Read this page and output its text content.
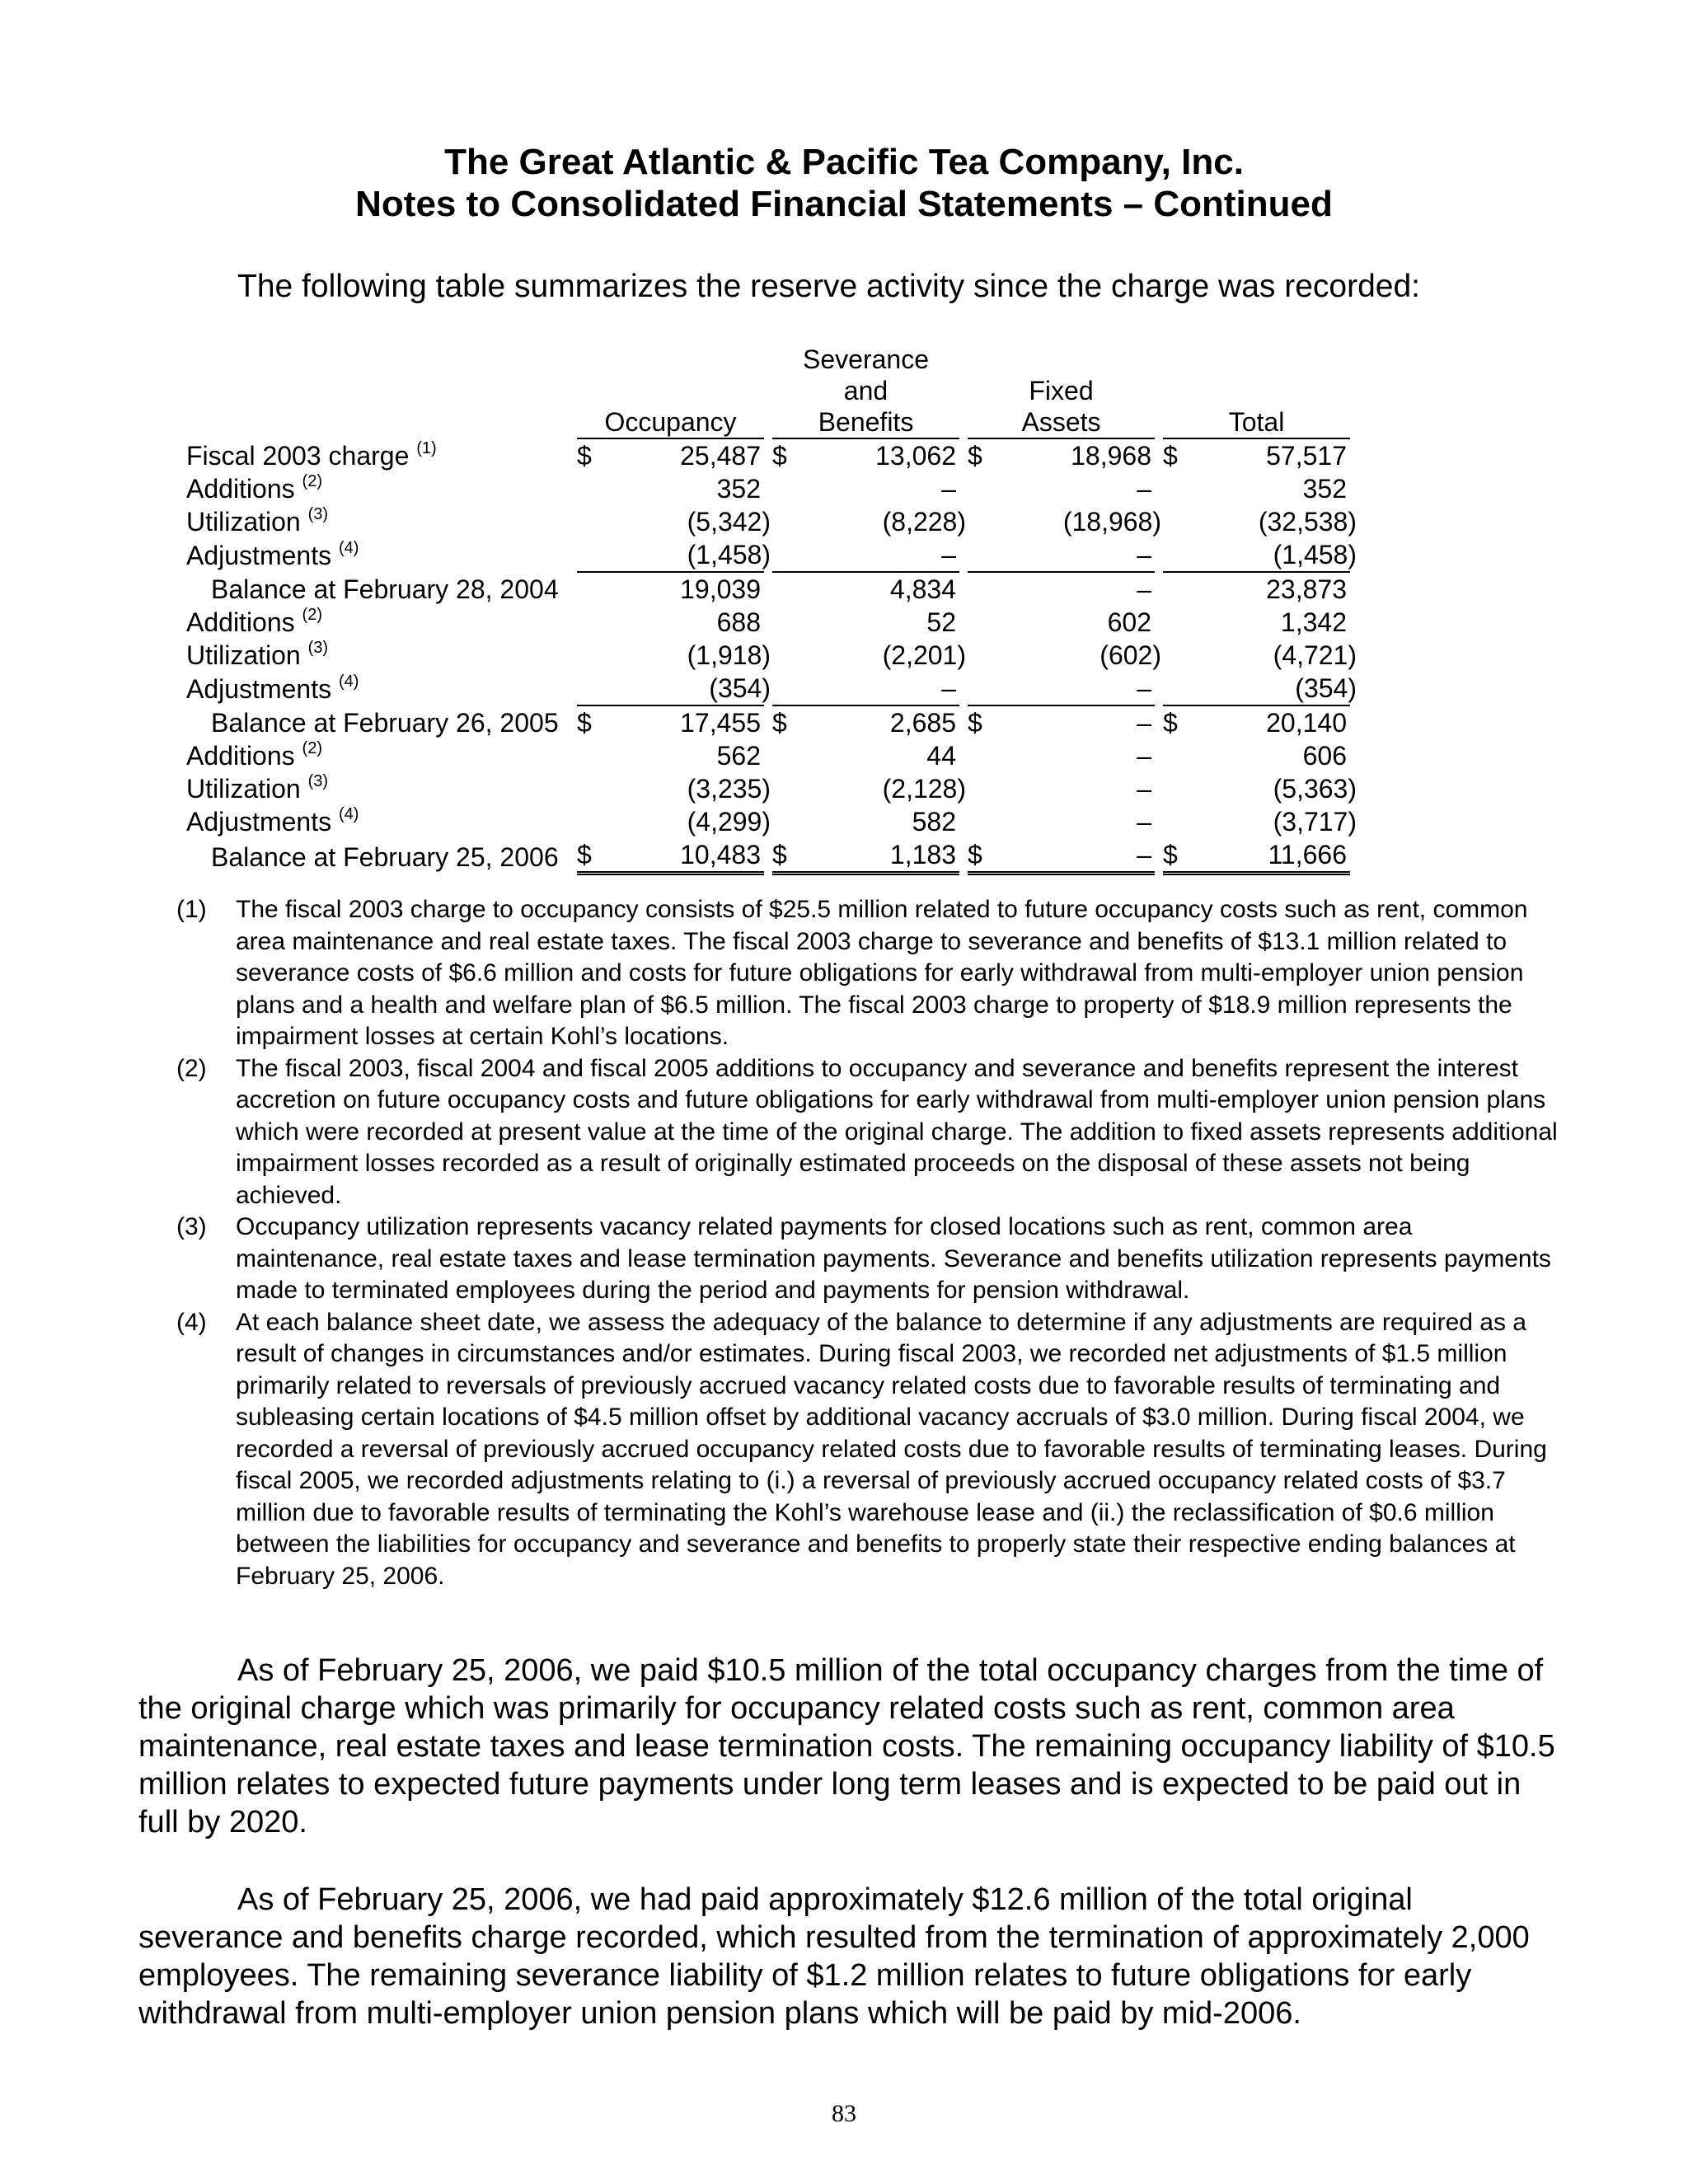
The Great Atlantic & Pacific Tea Company, Inc.
Notes to Consolidated Financial Statements – Continued

The following table summarizes the reserve activity since the charge was recorded:

			Severance				
			and		Fixed		
	Occupancy		Benefits		Assets		Total
Fiscal 2003 charge $^{(1)}$	$ 25,487		$ 13,062		$ 18,968		$ 57,517

Additions $^{(2)}$	352		–		–		352

Utilization $^{(3)}$	(5,342)		(8,228)		(18,968)		(32,538)

Adjustments $^{(4)}$	(1,458)		–		–		(1,458)

Balance at February 28, 2004	19,039		4,834		–		23,873

Additions $^{(2)}$	688		52		602		1,342

Utilization $^{(3)}$	(1,918)		(2,201)		(602)		(4,721)

Adjustments $^{(4)}$	(354)		–		–		(354)

Balance at February 26, 2005	$ 17,455		$ 2,685		$ –		$ 20,140

Additions $^{(2)}$	562		44		–		606

Utilization $^{(3)}$	(3,235)		(2,128)		–		(5,363)

Adjustments $^{(4)}$	(4,299)		582		–		(3,717)

Balance at February 25, 2006	$ 10,483		$ 1,183		$ –		$ 11,666
(1)	The fiscal 2003 charge to occupancy consists of $25.5 million related to future occupancy costs such as rent, common area maintenance and real estate taxes. The fiscal 2003 charge to severance and benefits of $13.1 million related to severance costs of $6.6 million and costs for future obligations for early withdrawal from multi-employer union pension plans and a health and welfare plan of $6.5 million. The fiscal 2003 charge to property of $18.9 million represents the impairment losses at certain Kohl’s locations.
(2)	The fiscal 2003, fiscal 2004 and fiscal 2005 additions to occupancy and severance and benefits represent the interest accretion on future occupancy costs and future obligations for early withdrawal from multi-employer union pension plans which were recorded at present value at the time of the original charge. The addition to fixed assets represents additional impairment losses recorded as a result of originally estimated proceeds on the disposal of these assets not being achieved.
(3)	Occupancy utilization represents vacancy related payments for closed locations such as rent, common area maintenance, real estate taxes and lease termination payments. Severance and benefits utilization represents payments made to terminated employees during the period and payments for pension withdrawal.
(4)	At each balance sheet date, we assess the adequacy of the balance to determine if any adjustments are required as a result of changes in circumstances and/or estimates. During fiscal 2003, we recorded net adjustments of $1.5 million primarily related to reversals of previously accrued vacancy related costs due to favorable results of terminating and subleasing certain locations of $4.5 million offset by additional vacancy accruals of $3.0 million. During fiscal 2004, we recorded a reversal of previously accrued occupancy related costs due to favorable results of terminating leases. During fiscal 2005, we recorded adjustments relating to (i.) a reversal of previously accrued occupancy related costs of $3.7 million due to favorable results of terminating the Kohl’s warehouse lease and (ii.) the reclassification of $0.6 million between the liabilities for occupancy and severance and benefits to properly state their respective ending balances at February 25, 2006.

As of February 25, 2006, we paid $10.5 million of the total occupancy charges from the time of the original charge which was primarily for occupancy related costs such as rent, common area maintenance, real estate taxes and lease termination costs. The remaining occupancy liability of $10.5 million relates to expected future payments under long term leases and is expected to be paid out in full by 2020.

As of February 25, 2006, we had paid approximately $12.6 million of the total original severance and benefits charge recorded, which resulted from the termination of approximately 2,000 employees. The remaining severance liability of $1.2 million relates to future obligations for early withdrawal from multi-employer union pension plans which will be paid by mid-2006.

83
